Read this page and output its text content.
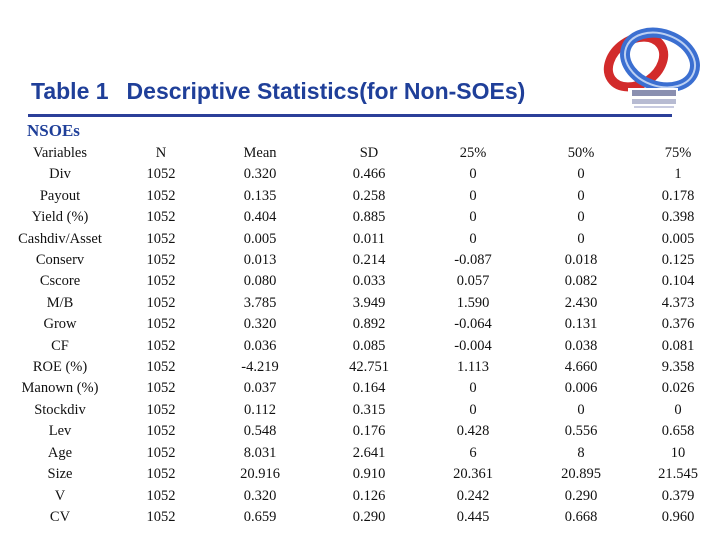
Table 1 Descriptive Statistics(for Non-SOEs)
NSOEs
Variables	N	Mean	SD	25%	50%	75%
Div	1052	0.320	0.466	0	0	1
Payout	1052	0.135	0.258	0	0	0.178
Yield (%)	1052	0.404	0.885	0	0	0.398
Cashdiv/Asset	1052	0.005	0.011	0	0	0.005
Conserv	1052	0.013	0.214	-0.087	0.018	0.125
Cscore	1052	0.080	0.033	0.057	0.082	0.104
M/B	1052	3.785	3.949	1.590	2.430	4.373
Grow	1052	0.320	0.892	-0.064	0.131	0.376
CF	1052	0.036	0.085	-0.004	0.038	0.081
ROE (%)	1052	-4.219	42.751	1.113	4.660	9.358
Manown (%)	1052	0.037	0.164	0	0.006	0.026
Stockdiv	1052	0.112	0.315	0	0	0
Lev	1052	0.548	0.176	0.428	0.556	0.658
Age	1052	8.031	2.641	6	8	10
Size	1052	20.916	0.910	20.361	20.895	21.545
V	1052	0.320	0.126	0.242	0.290	0.379
CV	1052	0.659	0.290	0.445	0.668	0.960
